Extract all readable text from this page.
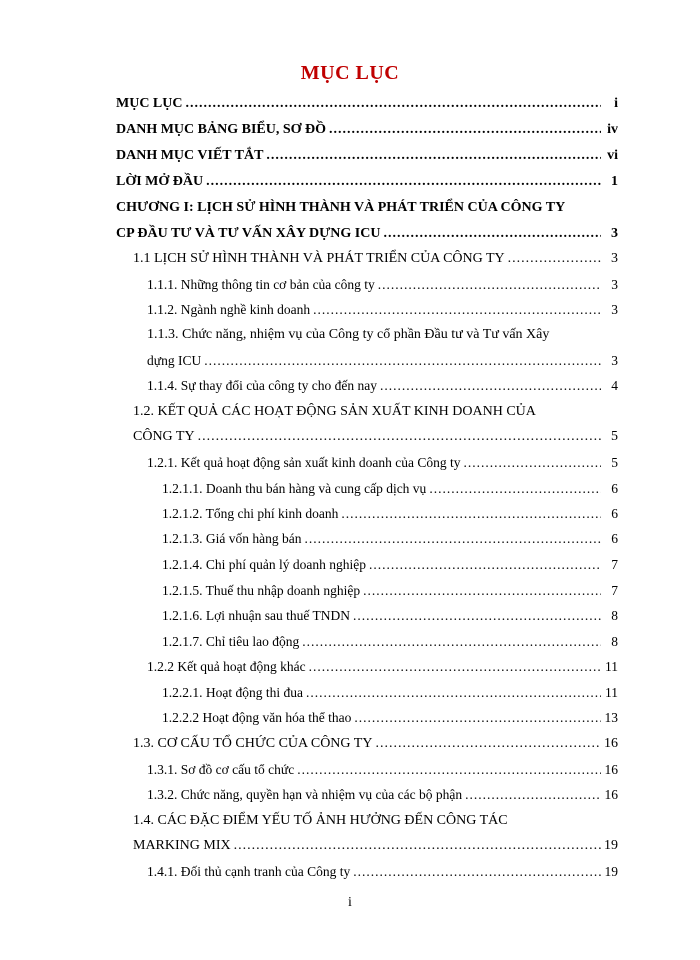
MỤC LỤC
MỤC LỤC .....	i
DANH MỤC BẢNG BIỂU, SƠ ĐỒ .....	iv
DANH MỤC VIẾT TẮT .....	vi
LỜI MỞ ĐẦU .....	1
CHƯƠNG I: LỊCH SỬ HÌNH THÀNH VÀ PHÁT TRIỂN CỦA CÔNG TY
CP ĐẦU TƯ VÀ TƯ VẤN XÂY DỰNG ICU .....	3
1.1 LỊCH SỬ HÌNH THÀNH VÀ PHÁT TRIỂN CỦA CÔNG TY .....	3
1.1.1. Những thông tin cơ bản của công ty .....	3
1.1.2. Ngành nghề kinh doanh .....	3
1.1.3. Chức năng, nhiệm vụ của Công ty cổ phần Đầu tư và Tư vấn Xây
dựng ICU .....	3
1.1.4. Sự thay đổi của công ty cho đến nay .....	4
1.2. KẾT QUẢ CÁC HOẠT ĐỘNG SẢN XUẤT KINH DOANH CỦA
CÔNG TY .....	5
1.2.1. Kết quả hoạt động sản xuất kinh doanh của Công ty .....	5
1.2.1.1. Doanh thu bán hàng và cung cấp dịch vụ .....	6
1.2.1.2. Tổng chi phí kinh doanh .....	6
1.2.1.3. Giá vốn hàng bán .....	6
1.2.1.4. Chi phí quản lý doanh nghiệp .....	7
1.2.1.5. Thuế thu nhập doanh nghiệp .....	7
1.2.1.6. Lợi nhuận sau thuế TNDN .....	8
1.2.1.7. Chỉ tiêu lao động .....	8
1.2.2 Kết quả hoạt động khác .....	11
1.2.2.1. Hoạt động thi đua .....	11
1.2.2.2 Hoạt động văn hóa thể thao .....	13
1.3. CƠ CẤU TỔ CHỨC CỦA CÔNG TY .....	16
1.3.1. Sơ đồ cơ cấu tổ chức .....	16
1.3.2. Chức năng, quyền hạn và nhiệm vụ của các bộ phận .....	16
1.4. CÁC ĐẶC ĐIỂM YẾU TỐ ẢNH HƯỞNG ĐẾN CÔNG TÁC
MARKING MIX .....	19
1.4.1. Đối thủ cạnh tranh của Công ty .....	19
i
